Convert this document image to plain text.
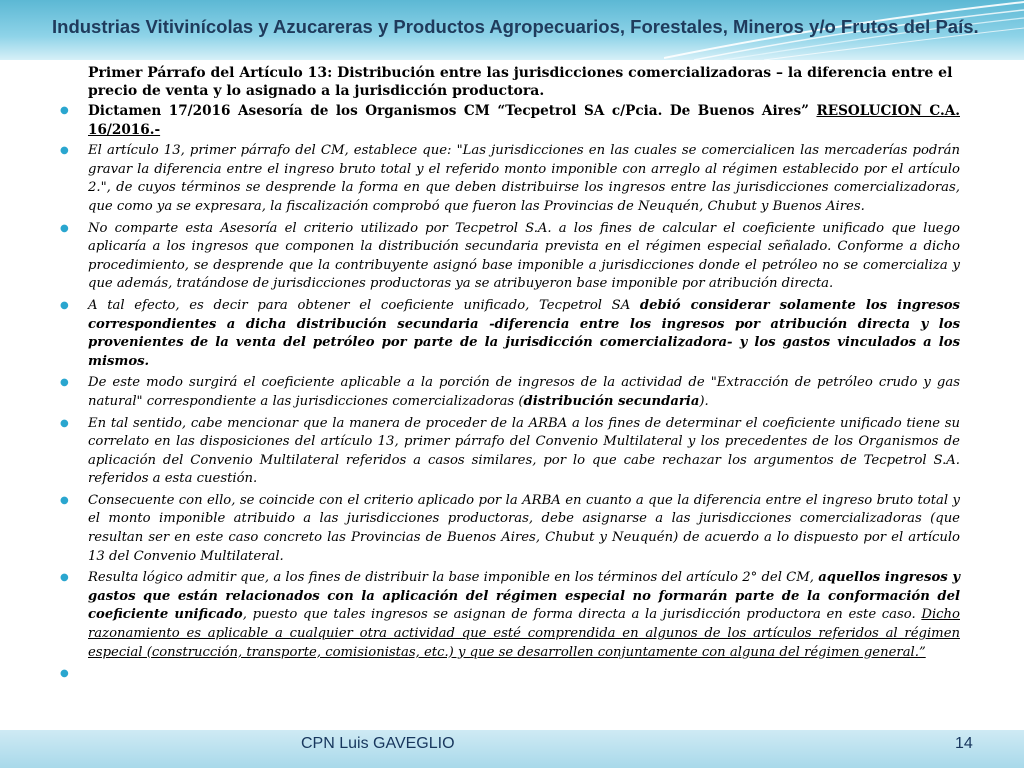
Industrias Vitivinícolas y Azucareras y Productos Agropecuarios, Forestales, Mineros y/o Frutos del País.

Primer Párrafo del Artículo 13: Distribución entre las jurisdicciones comercializadoras – la diferencia entre el precio de venta y lo asignado a la jurisdicción productora.

● Dictamen 17/2016 Asesoría de los Organismos CM “Tecpetrol SA c/Pcia. De Buenos Aires” RESOLUCION C.A. 16/2016.-
● El artículo 13, primer párrafo del CM, establece que: "Las jurisdicciones en las cuales se comercialicen las mercaderías podrán gravar la diferencia entre el ingreso bruto total y el referido monto imponible con arreglo al régimen establecido por el artículo 2.", de cuyos términos se desprende la forma en que deben distribuirse los ingresos entre las jurisdicciones comercializadoras, que como ya se expresara, la fiscalización comprobó que fueron las Provincias de Neuquén, Chubut y Buenos Aires.
● No comparte esta Asesoría el criterio utilizado por Tecpetrol S.A. a los fines de calcular el coeficiente unificado que luego aplicaría a los ingresos que componen la distribución secundaria prevista en el régimen especial señalado. Conforme a dicho procedimiento, se desprende que la contribuyente asignó base imponible a jurisdicciones donde el petróleo no se comercializa y que además, tratándose de jurisdicciones productoras ya se atribuyeron base imponible por atribución directa.
● A tal efecto, es decir para obtener el coeficiente unificado, Tecpetrol SA debió considerar solamente los ingresos correspondientes a dicha distribución secundaria -diferencia entre los ingresos por atribución directa y los provenientes de la venta del petróleo por parte de la jurisdicción comercializadora- y los gastos vinculados a los mismos.
● De este modo surgirá el coeficiente aplicable a la porción de ingresos de la actividad de "Extracción de petróleo crudo y gas natural" correspondiente a las jurisdicciones comercializadoras (distribución secundaria).
● En tal sentido, cabe mencionar que la manera de proceder de la ARBA a los fines de determinar el coeficiente unificado tiene su correlato en las disposiciones del artículo 13, primer párrafo del Convenio Multilateral y los precedentes de los Organismos de aplicación del Convenio Multilateral referidos a casos similares, por lo que cabe rechazar los argumentos de Tecpetrol S.A. referidos a esta cuestión.
● Consecuente con ello, se coincide con el criterio aplicado por la ARBA en cuanto a que la diferencia entre el ingreso bruto total y el monto imponible atribuido a las jurisdicciones productoras, debe asignarse a las jurisdicciones comercializadoras (que resultan ser en este caso concreto las Provincias de Buenos Aires, Chubut y Neuquén) de acuerdo a lo dispuesto por el artículo 13 del Convenio Multilateral.
● Resulta lógico admitir que, a los fines de distribuir la base imponible en los términos del artículo 2° del CM, aquellos ingresos y gastos que están relacionados con la aplicación del régimen especial no formarán parte de la conformación del coeficiente unificado, puesto que tales ingresos se asignan de forma directa a la jurisdicción productora en este caso. Dicho razonamiento es aplicable a cualquier otra actividad que esté comprendida en algunos de los artículos referidos al régimen especial (construcción, transporte, comisionistas, etc.) y que se desarrollen conjuntamente con alguna del régimen general.”
●
CPN Luis GAVEGLIO	14
